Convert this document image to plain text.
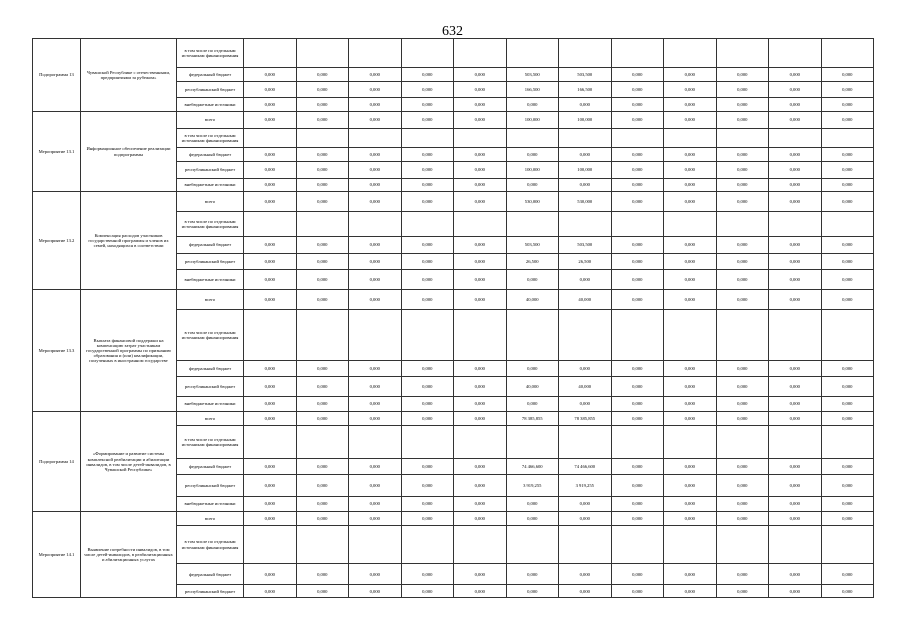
632
Подпрограмма 13	Чувашской Республике с отечественными, предприятиями за рубежом»	в том числе по отдельным источникам финансирования												
		федеральный бюджет	0,000	0,000	0,000	0,000	0,000	503,500	503,500	0,000	0,000	0,000	0,000	0,000
		республиканский бюджет	0,000	0,000	0,000	0,000	0,000	166,500	166,500	0,000	0,000	0,000	0,000	0,000
		внебюджетные источники	0,000	0,000	0,000	0,000	0,000	0,000	0,000	0,000	0,000	0,000	0,000	0,000
Мероприятие 13.1	Информационное обеспечение реализации подпрограммы	всего	0,000	0,000	0,000	0,000	0,000	100,000	100,000	0,000	0,000	0,000	0,000	0,000
		в том числе по отдельным источникам финансирования												
		федеральный бюджет	0,000	0,000	0,000	0,000	0,000	0,000	0,000	0,000	0,000	0,000	0,000	0,000
		республиканский бюджет	0,000	0,000	0,000	0,000	0,000	100,000	100,000	0,000	0,000	0,000	0,000	0,000
		внебюджетные источники	0,000	0,000	0,000	0,000	0,000	0,000	0,000	0,000	0,000	0,000	0,000	0,000
Мероприятие 13.2	Компенсация расходов участников государственной программы и членов их семей, находящихся в соответствии	всего	0,000	0,000	0,000	0,000	0,000	530,000	530,000	0,000	0,000	0,000	0,000	0,000
		в том числе по отдельным источникам финансирования												
		федеральный бюджет	0,000	0,000	0,000	0,000	0,000	503,500	503,500	0,000	0,000	0,000	0,000	0,000
		республиканский бюджет	0,000	0,000	0,000	0,000	0,000	26,500	26,500	0,000	0,000	0,000	0,000	0,000
		внебюджетные источники	0,000	0,000	0,000	0,000	0,000	0,000	0,000	0,000	0,000	0,000	0,000	0,000
Мероприятие 13.3	Выплата финансовой поддержки на компенсацию затрат участникам государственной программы по признанию образования и (или) квалификации, полученных в иностранном государстве	всего	0,000	0,000	0,000	0,000	0,000	40,000	40,000	0,000	0,000	0,000	0,000	0,000
		в том числе по отдельным источникам финансирования												
		федеральный бюджет	0,000	0,000	0,000	0,000	0,000	0,000	0,000	0,000	0,000	0,000	0,000	0,000
		республиканский бюджет	0,000	0,000	0,000	0,000	0,000	40,000	40,000	0,000	0,000	0,000	0,000	0,000
		внебюджетные источники	0,000	0,000	0,000	0,000	0,000	0,000	0,000	0,000	0,000	0,000	0,000	0,000
Подпрограмма 14	«Формирование и развитие системы комплексной реабилитации и абилитации инвалидов, в том числе детей-инвалидов, в Чувашской Республике»	всего	0,000	0,000	0,000	0,000	0,000	78 385,855	78 385,855	0,000	0,000	0,000	0,000	0,000
		в том числе по отдельным источникам финансирования												
		федеральный бюджет	0,000	0,000	0,000	0,000	0,000	74 466,600	74 466,600	0,000	0,000	0,000	0,000	0,000
		республиканский бюджет	0,000	0,000	0,000	0,000	0,000	3 919,255	3 919,255	0,000	0,000	0,000	0,000	0,000
		внебюджетные источники	0,000	0,000	0,000	0,000	0,000	0,000	0,000	0,000	0,000	0,000	0,000	0,000
Мероприятие 14.1	Выявление потребности инвалидов, в том числе детей-инвалидов, в реабилитационных и абилитационных услугах	всего	0,000	0,000	0,000	0,000	0,000	0,000	0,000	0,000	0,000	0,000	0,000	0,000
		в том числе по отдельным источникам финансирования												
		федеральный бюджет	0,000	0,000	0,000	0,000	0,000	0,000	0,000	0,000	0,000	0,000	0,000	0,000
		республиканский бюджет	0,000	0,000	0,000	0,000	0,000	0,000	0,000	0,000	0,000	0,000	0,000	0,000
